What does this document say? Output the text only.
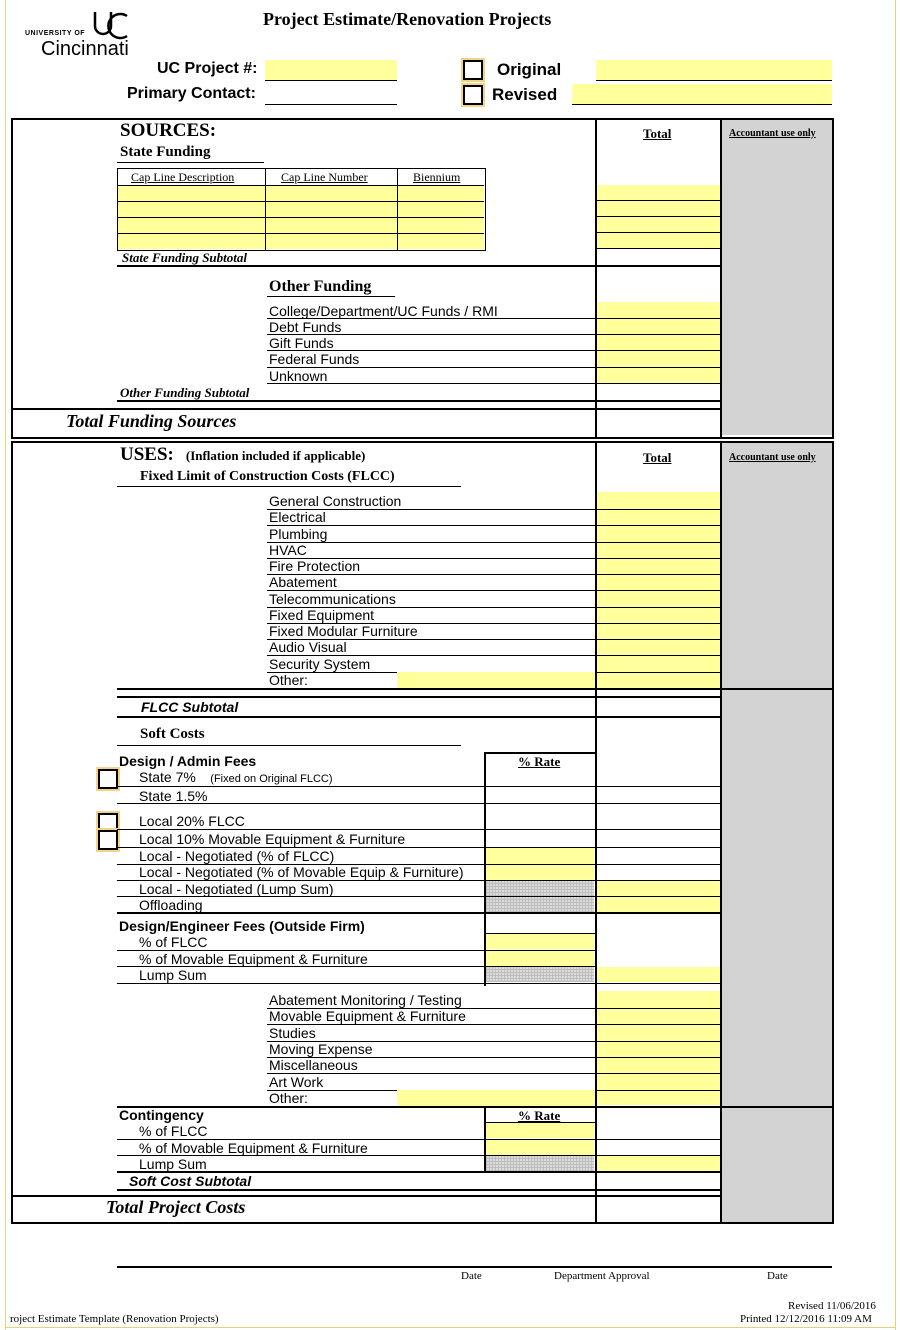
UNIVERSITY OF
Cincinnati
Project Estimate/Renovation Projects
UC Project #:
Primary Contact:
Original
Revised
SOURCES:
State Funding
Total	Accountant use only
Cap Line Description	Cap Line Number	Biennium
State Funding Subtotal
Other Funding
College/Department/UC Funds / RMI
Debt Funds
Gift Funds
Federal Funds
Unknown
Other Funding Subtotal
Total Funding Sources
USES: (Inflation included if applicable)
Fixed Limit of Construction Costs (FLCC)
Total	Accountant use only
General Construction
Electrical
Plumbing
HVAC
Fire Protection
Abatement
Telecommunications
Fixed Equipment
Fixed Modular Furniture
Audio Visual
Security System
Other:
FLCC Subtotal
Soft Costs
% Rate
Design / Admin Fees
State 7% (Fixed on Original FLCC)
State 1.5%
Local 20% FLCC
Local 10% Movable Equipment & Furniture
Local - Negotiated (% of FLCC)
Local - Negotiated (% of Movable Equip & Furniture)
Local - Negotiated (Lump Sum)
Offloading
Design/Engineer Fees (Outside Firm)
% of FLCC
% of Movable Equipment & Furniture
Lump Sum
Abatement Monitoring / Testing
Movable Equipment & Furniture
Studies
Moving Expense
Miscellaneous
Art Work
Other:
Contingency	% Rate
% of FLCC
% of Movable Equipment & Furniture
Lump Sum
Soft Cost Subtotal
Total Project Costs
Date	Department Approval	Date
Revised 11/06/2016
roject Estimate Template (Renovation Projects)	Printed 12/12/2016 11:09 AM
